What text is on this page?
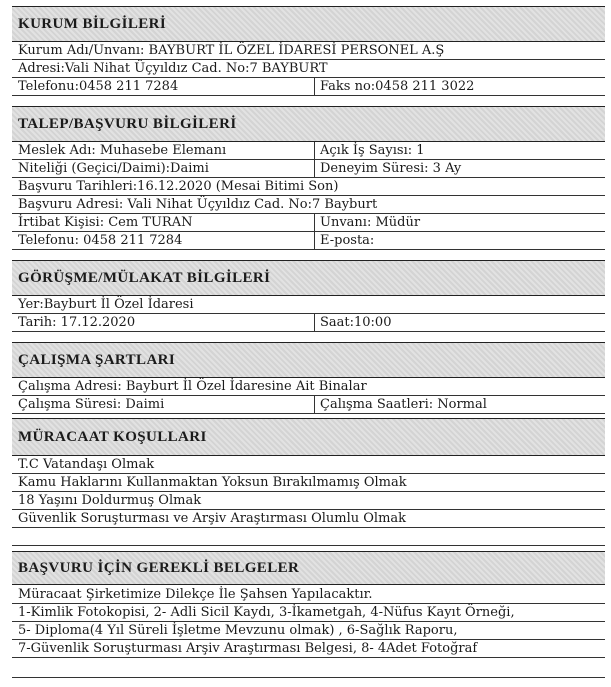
KURUM BİLGİLERİ
Kurum Adı/Unvanı: BAYBURT İL ÖZEL İDARESİ PERSONEL A.Ş
Adresi:Vali Nihat Üçyıldız Cad. No:7 BAYBURT
Telefonu:0458 211 7284	Faks no:0458 211 3022
TALEP/BAŞVURU BİLGİLERİ
Meslek Adı: Muhasebe Elemanı	Açık İş Sayısı: 1
Niteliği (Geçici/Daimi):Daimi	Deneyim Süresi: 3 Ay
Başvuru Tarihleri:16.12.2020 (Mesai Bitimi Son)
Başvuru Adresi: Vali Nihat Üçyıldız Cad. No:7 Bayburt
İrtibat Kişisi: Cem TURAN	Unvanı: Müdür
Telefonu: 0458 211 7284	E-posta:
GÖRÜŞME/MÜLAKAT BİLGİLERİ
Yer:Bayburt İl Özel İdaresi
Tarih: 17.12.2020	Saat:10:00
ÇALIŞMA ŞARTLARI
Çalışma Adresi: Bayburt İl Özel İdaresine Ait Binalar
Çalışma Süresi: Daimi	Çalışma Saatleri: Normal
MÜRACAAT KOŞULLARI
T.C Vatandaşı Olmak
Kamu Haklarını Kullanmaktan Yoksun Bırakılmamış Olmak
18 Yaşını Doldurmuş Olmak
Güvenlik Soruşturması ve Arşiv Araştırması Olumlu Olmak
BAŞVURU İÇİN GEREKLİ BELGELER
Müracaat Şirketimize Dilekçe İle Şahsen Yapılacaktır.
1-Kimlik Fotokopisi, 2- Adli Sicil Kaydı, 3-İkametgah, 4-Nüfus Kayıt Örneği,
5- Diploma(4 Yıl Süreli İşletme Mevzunu olmak) , 6-Sağlık Raporu,
7-Güvenlik Soruşturması Arşiv Araştırması Belgesi, 8- 4Adet Fotoğraf
